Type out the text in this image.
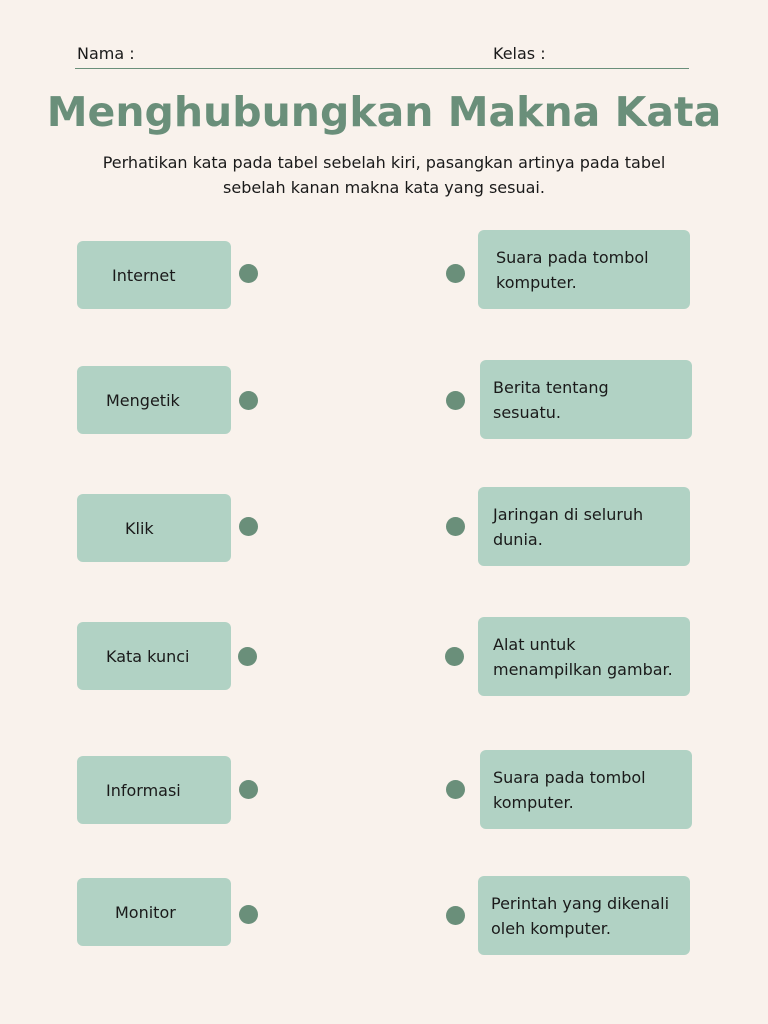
Nama :	Kelas :
Menghubungkan Makna Kata
Perhatikan kata pada tabel sebelah kiri, pasangkan artinya pada tabel sebelah kanan makna kata yang sesuai.
Internet
Mengetik
Klik
Kata kunci
Informasi
Monitor
Suara pada tombol komputer.
Berita tentang sesuatu.
Jaringan di seluruh dunia.
Alat untuk menampilkan gambar.
Suara pada tombol komputer.
Perintah yang dikenali oleh komputer.
